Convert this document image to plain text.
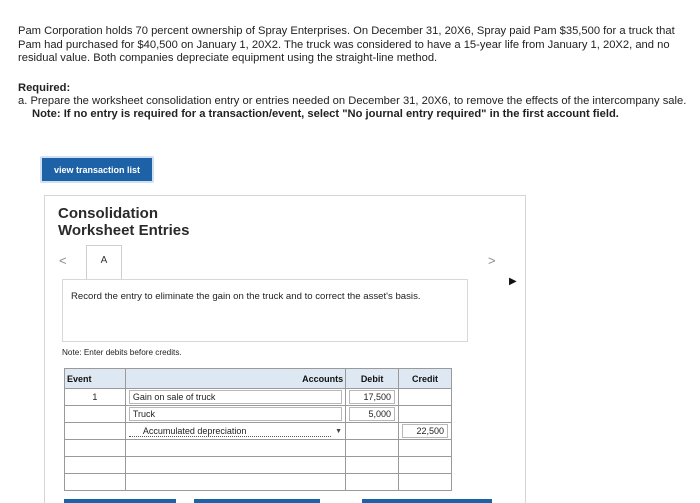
Pam Corporation holds 70 percent ownership of Spray Enterprises. On December 31, 20X6, Spray paid Pam $35,500 for a truck that Pam had purchased for $40,500 on January 1, 20X2. The truck was considered to have a 15-year life from January 1, 20X2, and no residual value. Both companies depreciate equipment using the straight-line method.
Required:
a. Prepare the worksheet consolidation entry or entries needed on December 31, 20X6, to remove the effects of the intercompany sale.
Note: If no entry is required for a transaction/event, select "No journal entry required" in the first account field.
view transaction list
Consolidation
Worksheet Entries
<	A	>
▶
Record the entry to eliminate the gain on the truck and to correct the asset's basis.
Note: Enter debits before credits.
Event	Accounts	Debit	Credit
1	Gain on sale of truck	17,500	

	Truck	5,000	

	Accumulated depreciation ▼		22,500
